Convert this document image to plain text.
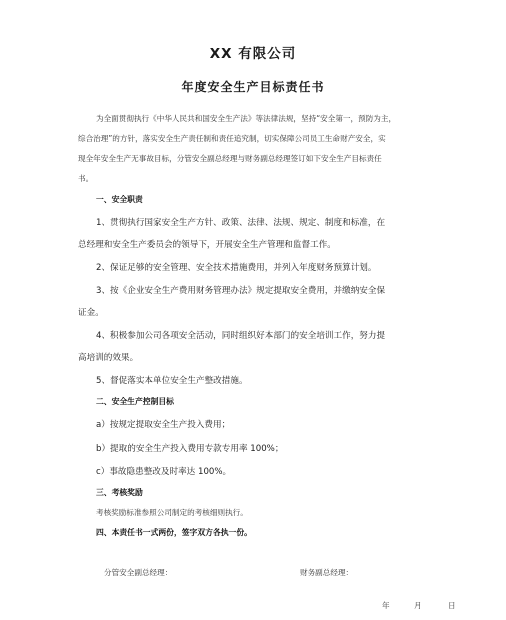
XX 有限公司
年度安全生产目标责任书
为全面贯彻执行《中华人民共和国安全生产法》等法律法规，坚持“安全第一，预防为主，
综合治理”的方针，落实安全生产责任制和责任追究制，切实保障公司员工生命财产安全，实
现全年安全生产无事故目标，分管安全副总经理与财务副总经理签订如下安全生产目标责任
书。
一、安全职责
1、贯彻执行国家安全生产方针、政策、法律、法规、规定、制度和标准，在
总经理和安全生产委员会的领导下，开展安全生产管理和监督工作。
2、保证足够的安全管理、安全技术措施费用，并列入年度财务预算计划。
3、按《企业安全生产费用财务管理办法》规定提取安全费用，并缴纳安全保
证金。
4、积极参加公司各项安全活动，同时组织好本部门的安全培训工作，努力提
高培训的效果。
5、督促落实本单位安全生产整改措施。
二、安全生产控制目标
a）按规定提取安全生产投入费用；
b）提取的安全生产投入费用专款专用率 100%；
c）事故隐患整改及时率达 100%。
三、考核奖励
考核奖励标准参照公司制定的考核细则执行。
四、本责任书一式两份，签字双方各执一份。
分管安全副总经理：	财务副总经理：
年	月	日
